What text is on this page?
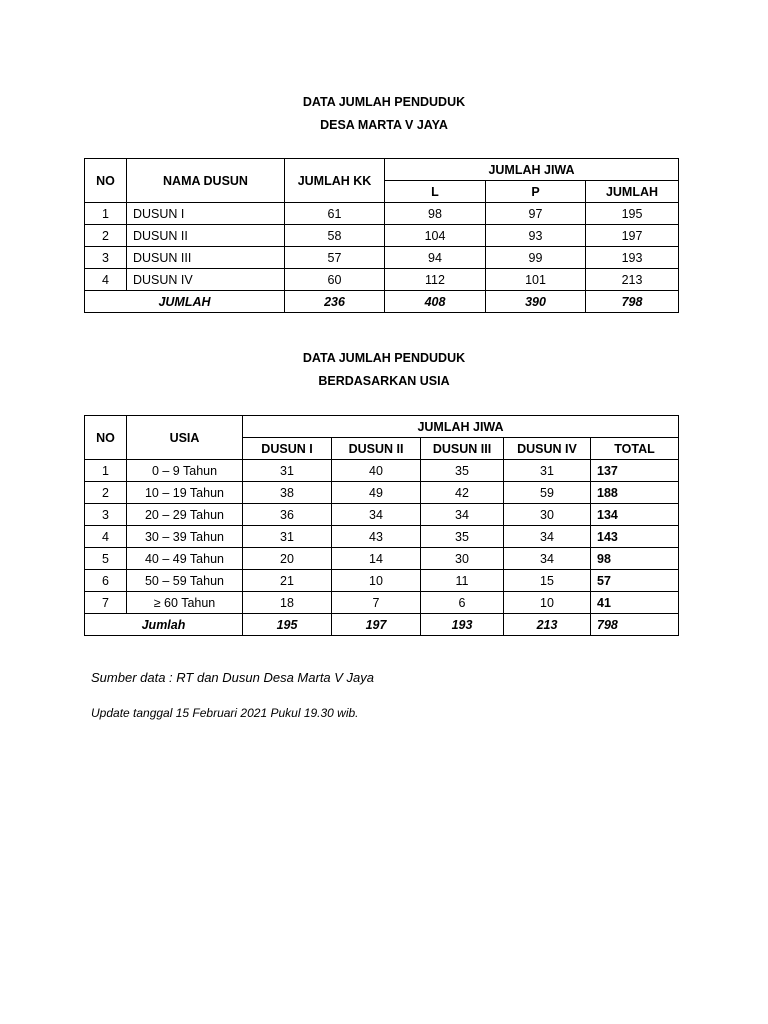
DATA JUMLAH PENDUDUK
DESA MARTA V JAYA
NO	NAMA DUSUN	JUMLAH KK	JUMLAH JIWA		
			L	P	JUMLAH
1	DUSUN I	61	98	97	195
2	DUSUN II	58	104	93	197
3	DUSUN III	57	94	99	193
4	DUSUN IV	60	112	101	213
JUMLAH		236	408	390	798
DATA JUMLAH PENDUDUK
BERDASARKAN USIA
NO	USIA	JUMLAH JIWA				
		DUSUN I	DUSUN II	DUSUN III	DUSUN IV	TOTAL
1	0 – 9 Tahun	31	40	35	31	137
2	10 – 19 Tahun	38	49	42	59	188
3	20 – 29 Tahun	36	34	34	30	134
4	30 – 39 Tahun	31	43	35	34	143
5	40 – 49 Tahun	20	14	30	34	98
6	50 – 59 Tahun	21	10	11	15	57
7	≥ 60 Tahun	18	7	6	10	41
Jumlah		195	197	193	213	798
Sumber data : RT dan Dusun Desa Marta V Jaya
Update tanggal 15 Februari 2021 Pukul 19.30 wib.
